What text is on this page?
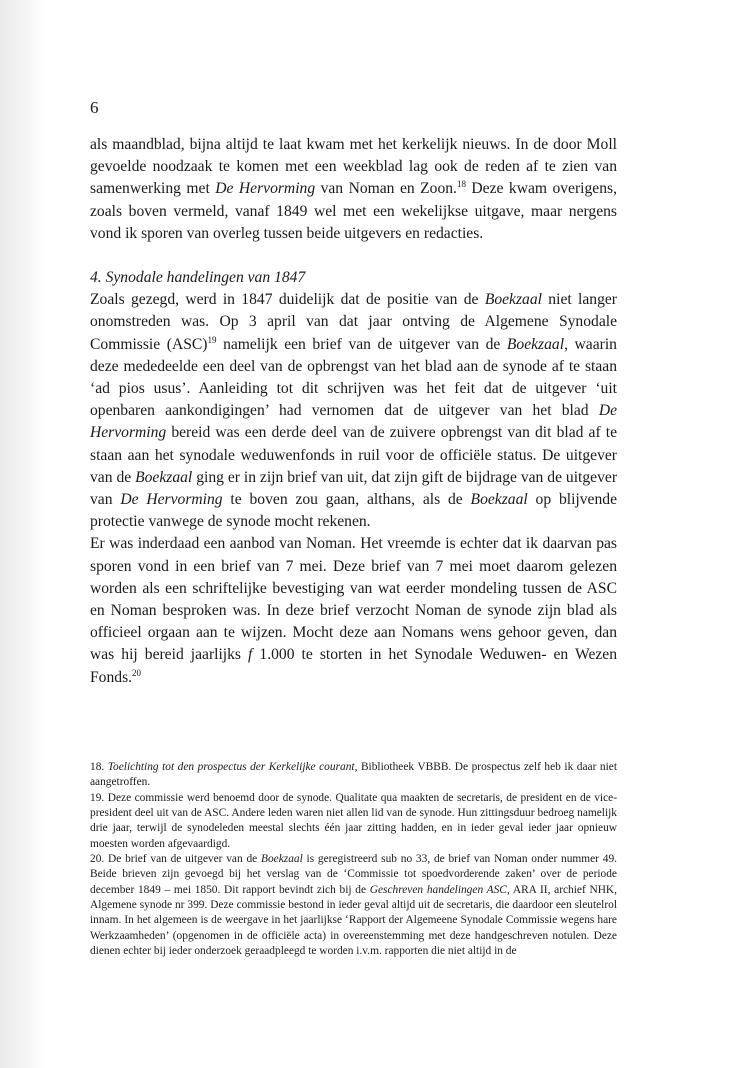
6

als maandblad, bijna altijd te laat kwam met het kerkelijk nieuws. In de door Moll gevoelde noodzaak te komen met een weekblad lag ook de reden af te zien van samenwerking met De Hervorming van Noman en Zoon.$^{18}$ Deze kwam overigens, zoals boven vermeld, vanaf 1849 wel met een wekelijkse uitgave, maar nergens vond ik sporen van overleg tussen beide uitgevers en redacties.

4. Synodale handelingen van 1847

Zoals gezegd, werd in 1847 duidelijk dat de positie van de Boekzaal niet langer onomstreden was. Op 3 april van dat jaar ontving de Algemene Synodale Commissie (ASC)$^{19}$ namelijk een brief van de uitgever van de Boekzaal, waarin deze mededeelde een deel van de opbrengst van het blad aan de synode af te staan ‘ad pios usus’. Aanleiding tot dit schrijven was het feit dat de uitgever ‘uit openbaren aankondigingen’ had vernomen dat de uitgever van het blad De Hervorming bereid was een derde deel van de zuivere opbrengst van dit blad af te staan aan het synodale weduwenfonds in ruil voor de officiële status. De uitgever van de Boekzaal ging er in zijn brief van uit, dat zijn gift de bijdrage van de uitgever van De Hervorming te boven zou gaan, althans, als de Boekzaal op blijvende protectie vanwege de synode mocht rekenen.

Er was inderdaad een aanbod van Noman. Het vreemde is echter dat ik daarvan pas sporen vond in een brief van 7 mei. Deze brief van 7 mei moet daarom gelezen worden als een schriftelijke bevestiging van wat eerder mondeling tussen de ASC en Noman besproken was. In deze brief verzocht Noman de synode zijn blad als officieel orgaan aan te wijzen. Mocht deze aan Nomans wens gehoor geven, dan was hij bereid jaarlijks f 1.000 te storten in het Synodale Weduwen- en Wezen Fonds.$^{20}$

18. Toelichting tot den prospectus der Kerkelijke courant, Bibliotheek VBBB. De prospectus zelf heb ik daar niet aangetroffen.

19. Deze commissie werd benoemd door de synode. Qualitate qua maakten de secretaris, de president en de vice-president deel uit van de ASC. Andere leden waren niet allen lid van de synode. Hun zittingsduur bedroeg namelijk drie jaar, terwijl de synodeleden meestal slechts één jaar zitting hadden, en in ieder geval ieder jaar opnieuw moesten worden afgevaardigd.

20. De brief van de uitgever van de Boekzaal is geregistreerd sub no 33, de brief van Noman onder nummer 49. Beide brieven zijn gevoegd bij het verslag van de ‘Commissie tot spoedvorderende zaken’ over de periode december 1849 – mei 1850. Dit rapport bevindt zich bij de Geschreven handelingen ASC, ARA II, archief NHK, Algemene synode nr 399. Deze commissie bestond in ieder geval altijd uit de secretaris, die daardoor een sleutelrol innam. In het algemeen is de weergave in het jaarlijkse ‘Rapport der Algemeene Synodale Commissie wegens hare Werkzaamheden’ (opgenomen in de officiële acta) in overeenstemming met deze handgeschreven notulen. Deze dienen echter bij ieder onderzoek geraadpleegd te worden i.v.m. rapporten die niet altijd in de
